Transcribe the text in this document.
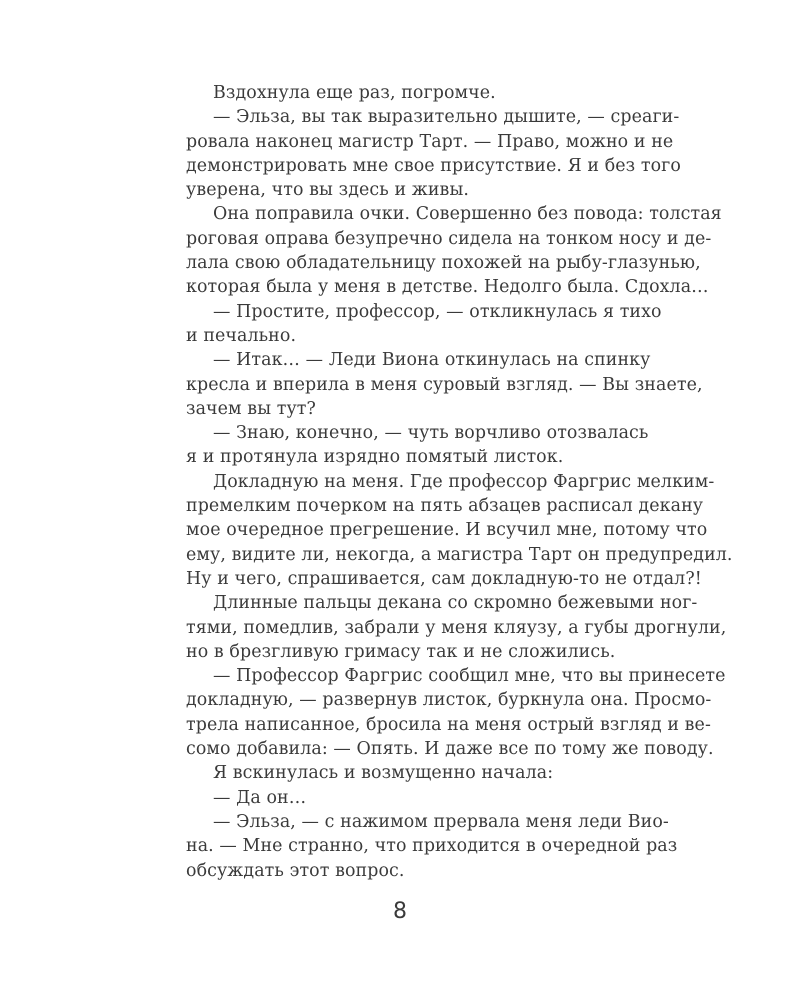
Вздохнула еще раз, погромче.
— Эльза, вы так выразительно дышите, — среаги-
ровала наконец магистр Тарт. — Право, можно и не
демонстрировать мне свое присутствие. Я и без того
уверена, что вы здесь и живы.
Она поправила очки. Совершенно без повода: толстая
роговая оправа безупречно сидела на тонком носу и де-
лала свою обладательницу похожей на рыбу-глазунью,
которая была у меня в детстве. Недолго была. Сдохла…
— Простите, профессор, — откликнулась я тихо
и печально.
— Итак… — Леди Виона откинулась на спинку
кресла и вперила в меня суровый взгляд. — Вы знаете,
зачем вы тут?
— Знаю, конечно, — чуть ворчливо отозвалась
я и протянула изрядно помятый листок.
Докладную на меня. Где профессор Фаргрис мелким-
премелким почерком на пять абзацев расписал декану
мое очередное прегрешение. И всучил мне, потому что
ему, видите ли, некогда, а магистра Тарт он предупредил.
Ну и чего, спрашивается, сам докладную-то не отдал?!
Длинные пальцы декана со скромно бежевыми ног-
тями, помедлив, забрали у меня кляузу, а губы дрогнули,
но в брезгливую гримасу так и не сложились.
— Профессор Фаргрис сообщил мне, что вы принесете
докладную, — развернув листок, буркнула она. Просмо-
трела написанное, бросила на меня острый взгляд и ве-
сомо добавила: — Опять. И даже все по тому же поводу.
Я вскинулась и возмущенно начала:
— Да он…
— Эльза, — с нажимом прервала меня леди Вио-
на. — Мне странно, что приходится в очередной раз
обсуждать этот вопрос.
8
